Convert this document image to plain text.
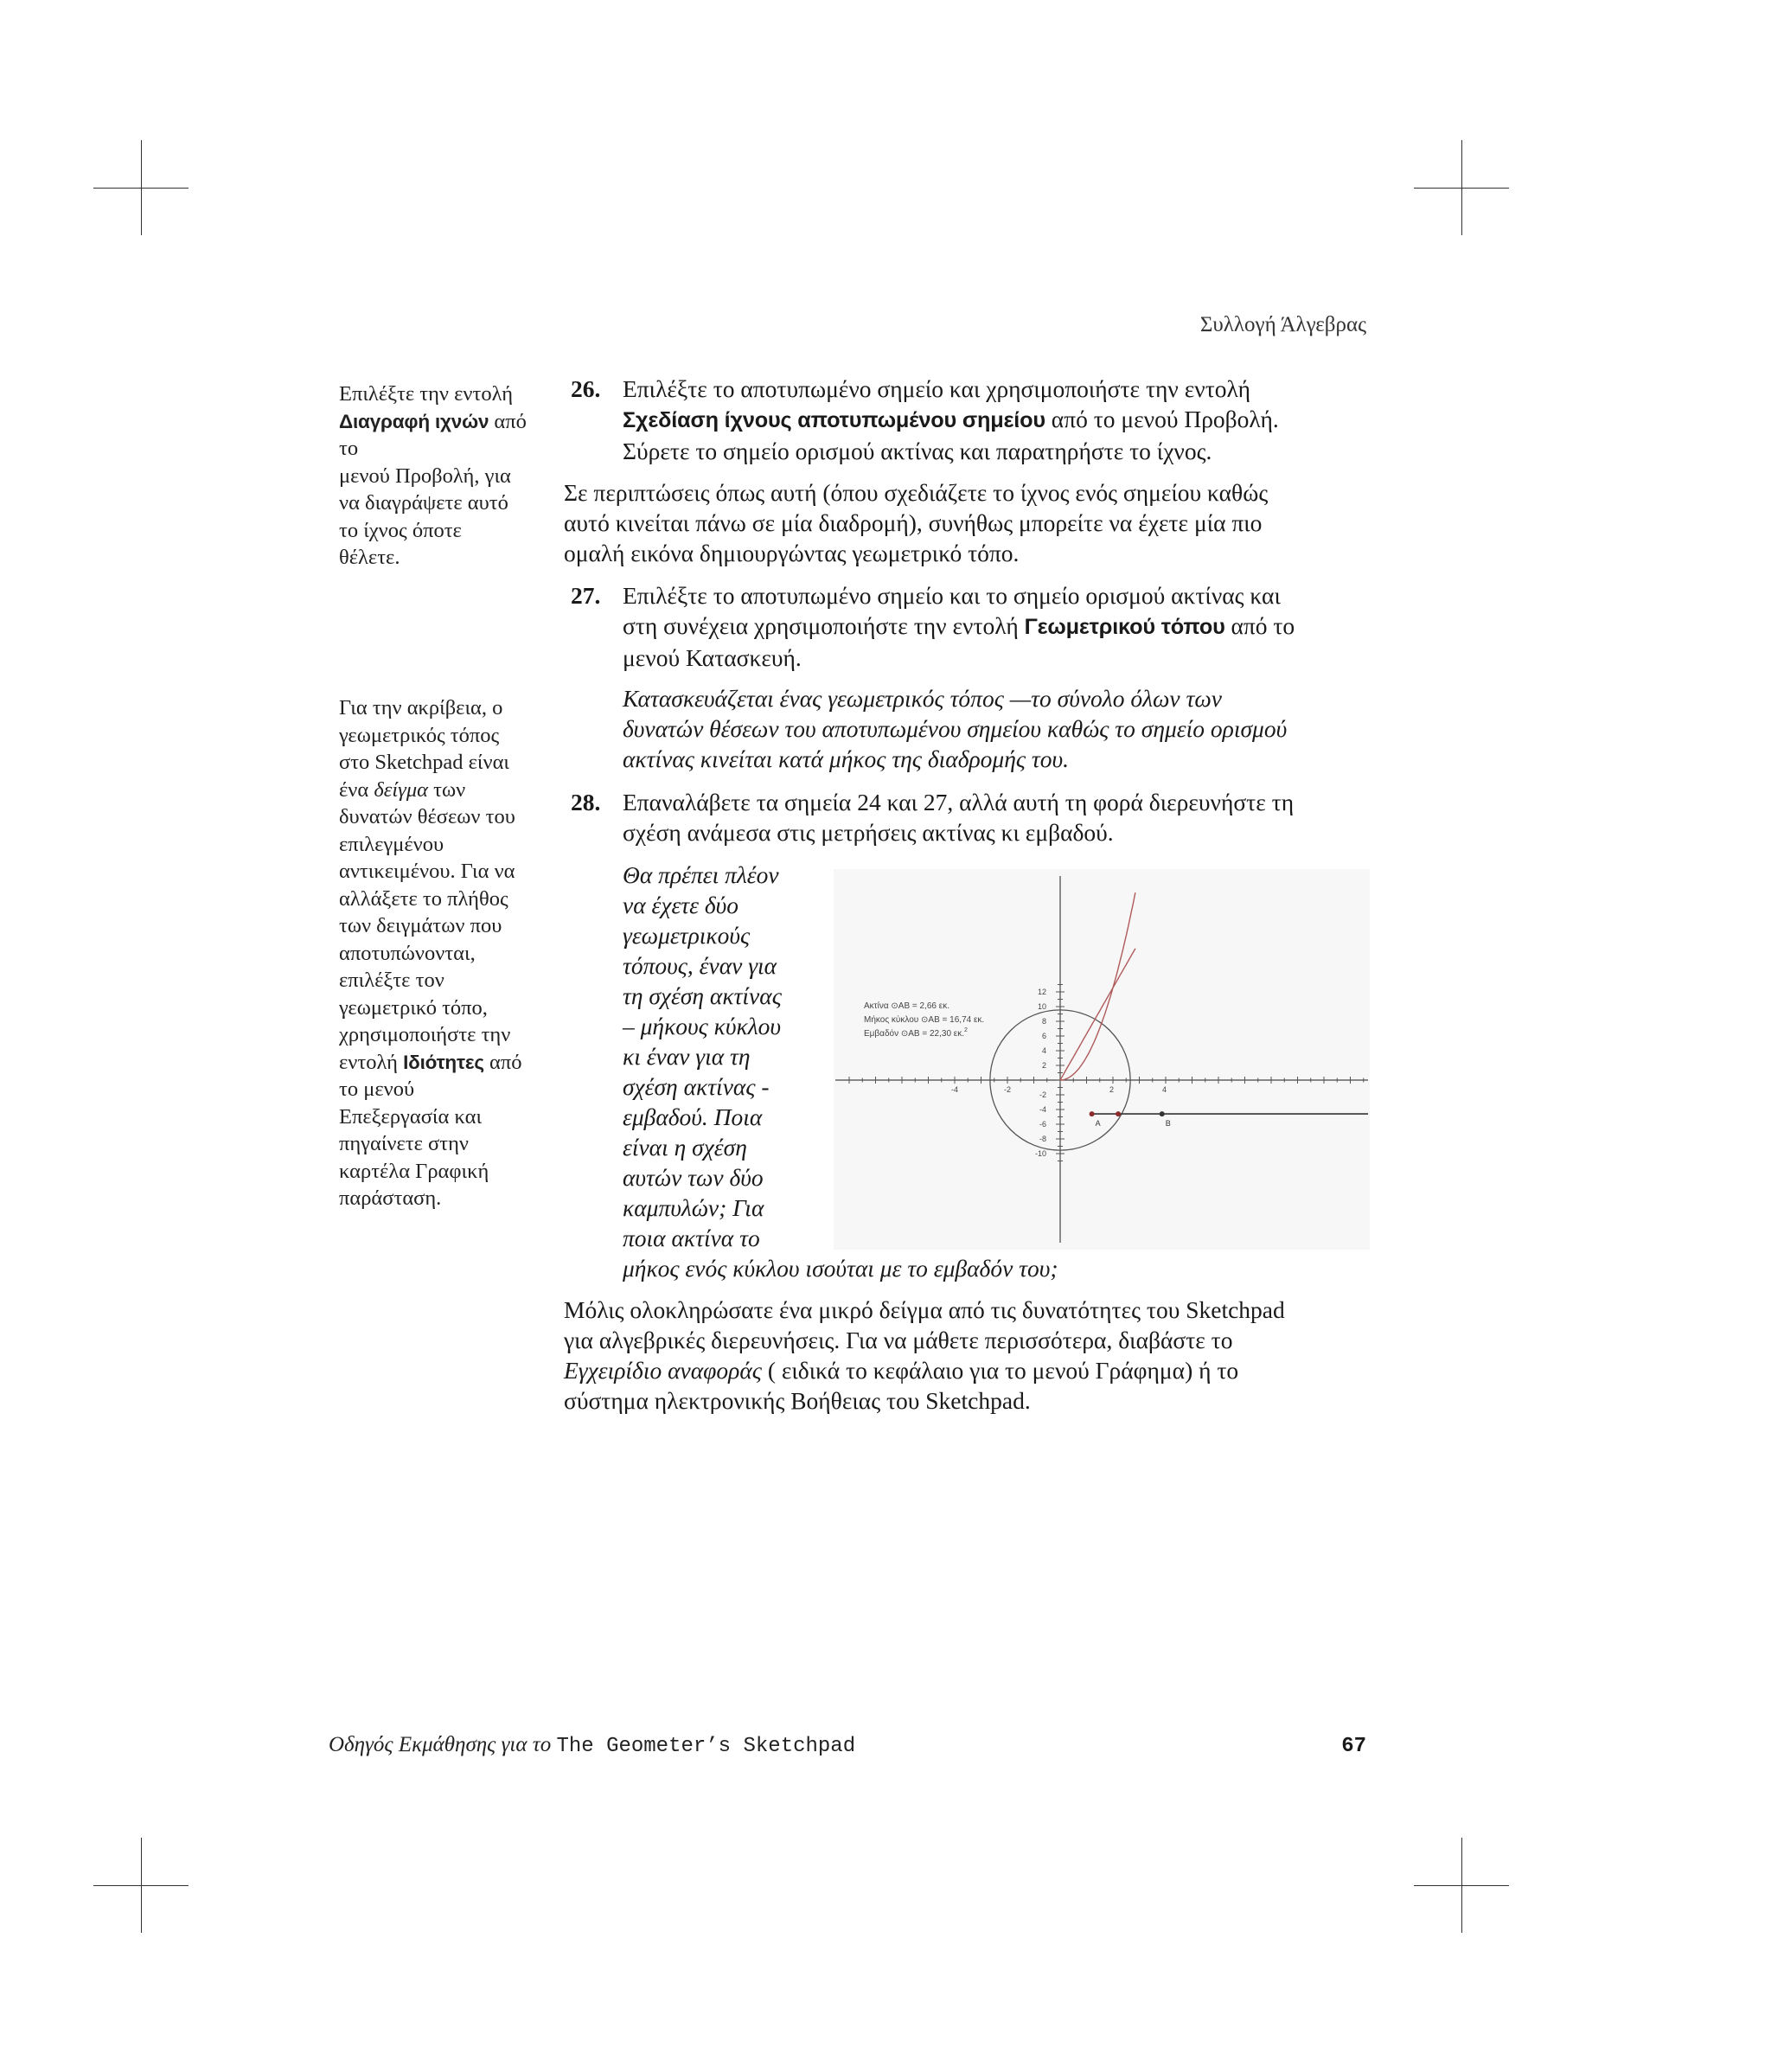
Συλλογή Άλγεβρας
Επιλέξτε την εντολή
Διαγραφή ιχνών από το
μενού Προβολή, για
να διαγράψετε αυτό
το ίχνος όποτε
θέλετε.
Για την ακρίβεια, ο
γεωμετρικός τόπος
στο Sketchpad είναι
ένα δείγμα των
δυνατών θέσεων του
επιλεγμένου
αντικειμένου. Για να
αλλάξετε το πλήθος
των δειγμάτων που
αποτυπώνονται,
επιλέξτε τον
γεωμετρικό τόπο,
χρησιμοποιήστε την
εντολή Ιδιότητες από
το μενού
Επεξεργασία και
πηγαίνετε στην
καρτέλα Γραφική
παράσταση.
26. Επιλέξτε το αποτυπωμένο σημείο και χρησιμοποιήστε την εντολή
Σχεδίαση ίχνους αποτυπωμένου σημείου από το μενού Προβολή.
Σύρετε το σημείο ορισμού ακτίνας και παρατηρήστε το ίχνος.
Σε περιπτώσεις όπως αυτή (όπου σχεδιάζετε το ίχνος ενός σημείου καθώς
αυτό κινείται πάνω σε μία διαδρομή), συνήθως μπορείτε να έχετε μία πιο
ομαλή εικόνα δημιουργώντας γεωμετρικό τόπο.
27. Επιλέξτε το αποτυπωμένο σημείο και το σημείο ορισμού ακτίνας και
στη συνέχεια χρησιμοποιήστε την εντολή Γεωμετρικού τόπου από το
μενού Κατασκευή.
Κατασκευάζεται ένας γεωμετρικός τόπος —το σύνολο όλων των
δυνατών θέσεων του αποτυπωμένου σημείου καθώς το σημείο ορισμού
ακτίνας κινείται κατά μήκος της διαδρομής του.
28. Επαναλάβετε τα σημεία 24 και 27, αλλά αυτή τη φορά διερευνήστε τη
σχέση ανάμεσα στις μετρήσεις ακτίνας κι εμβαδού.
Θα πρέπει πλέον
να έχετε δύο
γεωμετρικούς
τόπους, έναν για
τη σχέση ακτίνας
– μήκους κύκλου
κι έναν για τη
σχέση ακτίνας -
εμβαδού. Ποια
είναι η σχέση
αυτών των δύο
καμπυλών; Για
ποια ακτίνα το
μήκος ενός κύκλου ισούται με το εμβαδόν του;
-4	-2	2	4
12
10
8
6
4
2
-2
-4
-6
-8
-10
A	B
Ακτίνα ⊙AB = 2,66 εκ.
Μήκος κύκλου ⊙AB = 16,74 εκ.
Εμβαδόν ⊙AB = 22,30 εκ.$^2$
Μόλις ολοκληρώσατε ένα μικρό δείγμα από τις δυνατότητες του Sketchpad
για αλγεβρικές διερευνήσεις. Για να μάθετε περισσότερα, διαβάστε το
Εγχειρίδιο αναφοράς ( ειδικά το κεφάλαιο για το μενού Γράφημα) ή το
σύστημα ηλεκτρονικής Βοήθειας του Sketchpad.
Οδηγός Εκμάθησης για το The Geometer’s Sketchpad	67
